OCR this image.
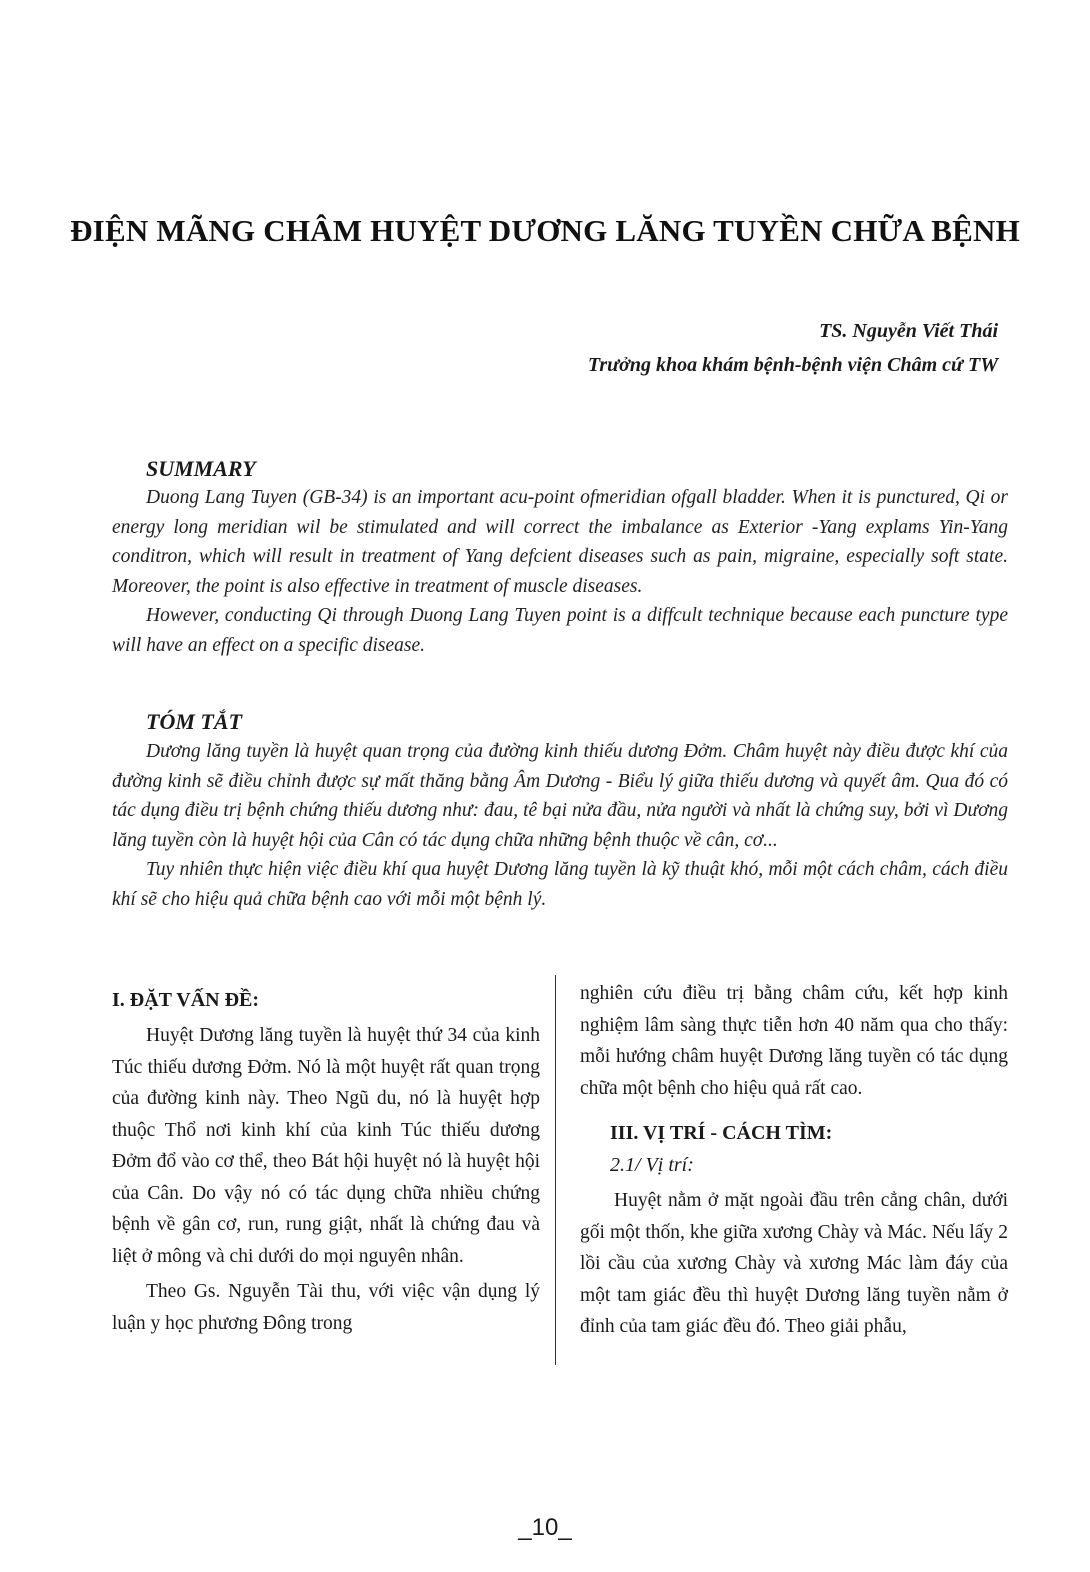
ĐIỆN MÃNG CHÂM HUYỆT DƯƠNG LĂNG TUYỀN CHỮA BỆNH
TS. Nguyễn Viết Thái
Trưởng khoa khám bệnh-bệnh viện Châm cứ TW
SUMMARY

Duong Lang Tuyen (GB-34) is an important acu-point ofmeridian ofgall bladder. When it is punctured, Qi or energy long meridian wil be stimulated and will correct the imbalance as Exterior -Yang explams Yin-Yang conditron, which will result in treatment of Yang defcient diseases such as pain, migraine, especially soft state. Moreover, the point is also effective in treatment of muscle diseases.

However, conducting Qi through Duong Lang Tuyen point is a diffcult technique because each puncture type will have an effect on a specific disease.

TÓM TẮT

Dương lăng tuyền là huyệt quan trọng của đường kinh thiếu dương Đởm. Châm huyệt này điều được khí của đường kinh sẽ điều chỉnh được sự mất thăng bằng Âm Dương - Biểu lý giữa thiếu dương và quyết âm. Qua đó có tác dụng điều trị bệnh chứng thiếu dương như: đau, tê bại nửa đầu, nửa người và nhất là chứng suy, bởi vì Dương lăng tuyền còn là huyệt hội của Cân có tác dụng chữa những bệnh thuộc về cân, cơ...

Tuy nhiên thực hiện việc điều khí qua huyệt Dương lăng tuyền là kỹ thuật khó, mỗi một cách châm, cách điều khí sẽ cho hiệu quả chữa bệnh cao với mỗi một bệnh lý.

I. ĐẶT VẤN ĐỀ:

Huyệt Dương lăng tuyền là huyệt thứ 34 của kinh Túc thiếu dương Đởm. Nó là một huyệt rất quan trọng của đường kinh này. Theo Ngũ du, nó là huyệt hợp thuộc Thổ nơi kinh khí của kinh Túc thiếu dương Đởm đổ vào cơ thể, theo Bát hội huyệt nó là huyệt hội của Cân. Do vậy nó có tác dụng chữa nhiều chứng bệnh về gân cơ, run, rung giật, nhất là chứng đau và liệt ở mông và chi dưới do mọi nguyên nhân.

Theo Gs. Nguyễn Tài thu, với việc vận dụng lý luận y học phương Đông trong

nghiên cứu điều trị bằng châm cứu, kết hợp kinh nghiệm lâm sàng thực tiễn hơn 40 năm qua cho thấy: mỗi hướng châm huyệt Dương lăng tuyền có tác dụng chữa một bệnh cho hiệu quả rất cao.

III. VỊ TRÍ - CÁCH TÌM:
2.1/ Vị trí:

Huyệt nằm ở mặt ngoài đầu trên cẳng chân, dưới gối một thốn, khe giữa xương Chày và Mác. Nếu lấy 2 lồi cầu của xương Chày và xương Mác làm đáy của một tam giác đều thì huyệt Dương lăng tuyền nằm ở đỉnh của tam giác đều đó. Theo giải phẫu,

_10_
